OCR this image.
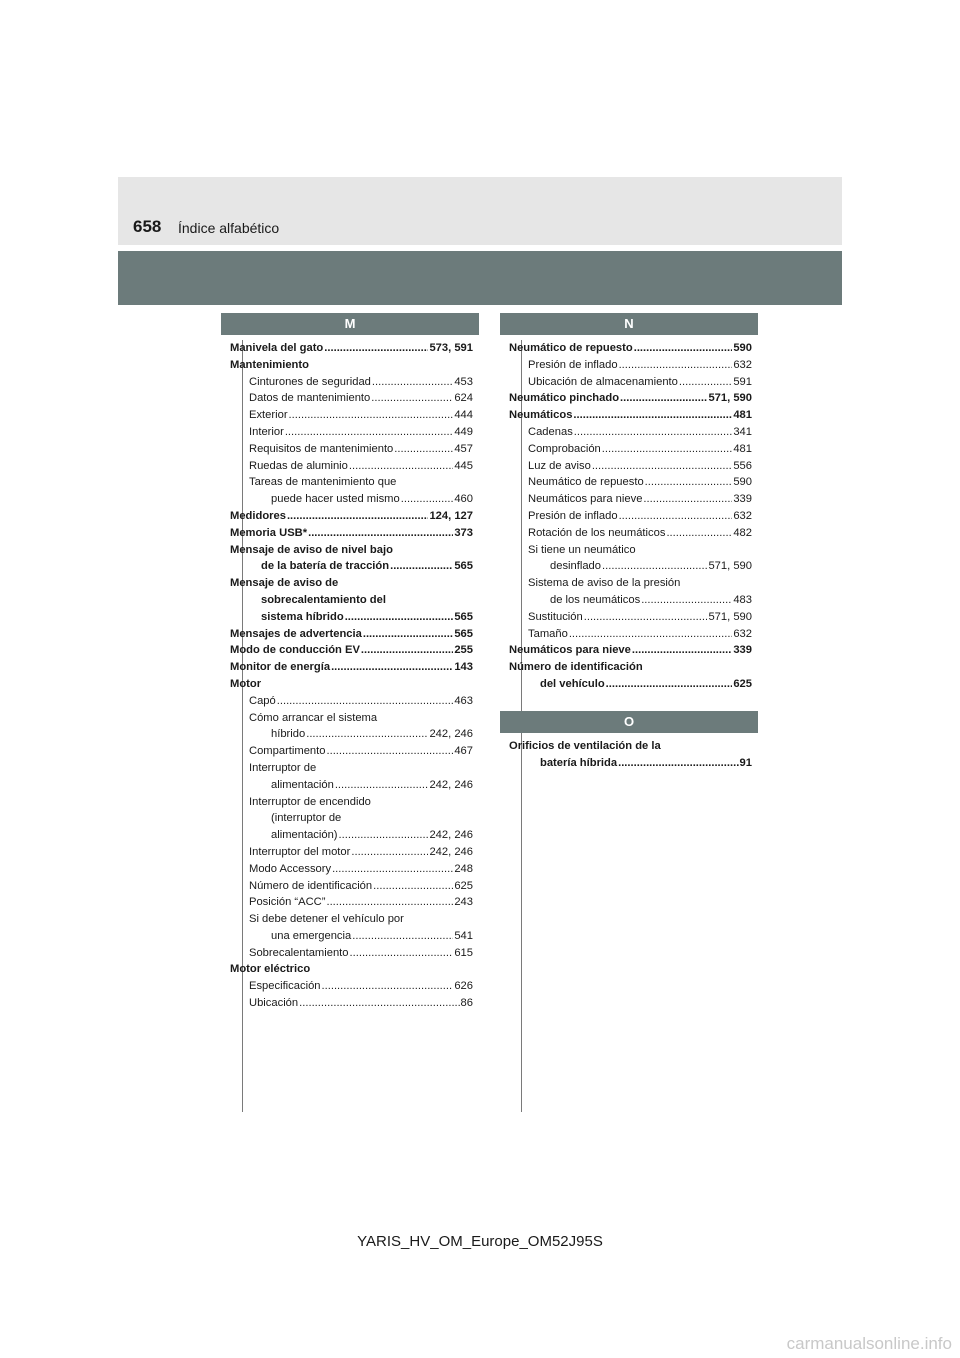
658 Índice alfabético
M
Manivela del gato .....	573, 591
Mantenimiento
Cinturones de seguridad .....	453
Datos de mantenimiento .....	624
Exterior .....	444
Interior .....	449
Requisitos de mantenimiento .....	457
Ruedas de aluminio .....	445
Tareas de mantenimiento que
puede hacer usted mismo .....	460
Medidores .....	124, 127
Memoria USB* .....	373
Mensaje de aviso de nivel bajo
de la batería de tracción .....	565
Mensaje de aviso de
sobrecalentamiento del
sistema híbrido .....	565
Mensajes de advertencia .....	565
Modo de conducción EV .....	255
Monitor de energía .....	143
Motor
Capó .....	463
Cómo arrancar el sistema
híbrido .....	242, 246
Compartimento .....	467
Interruptor de
alimentación .....	242, 246
Interruptor de encendido
(interruptor de
alimentación) .....	242, 246
Interruptor del motor .....	242, 246
Modo Accessory .....	248
Número de identificación .....	625
Posición “ACC” .....	243
Si debe detener el vehículo por
una emergencia .....	541
Sobrecalentamiento .....	615
Motor eléctrico
Especificación .....	626
Ubicación .....	86
N
Neumático de repuesto .....	590
Presión de inflado .....	632
Ubicación de almacenamiento .....	591
Neumático pinchado .....	571, 590
Neumáticos .....	481
Cadenas .....	341
Comprobación .....	481
Luz de aviso .....	556
Neumático de repuesto .....	590
Neumáticos para nieve .....	339
Presión de inflado .....	632
Rotación de los neumáticos .....	482
Si tiene un neumático
desinflado .....	571, 590
Sistema de aviso de la presión
de los neumáticos .....	483
Sustitución .....	571, 590
Tamaño .....	632
Neumáticos para nieve .....	339
Número de identificación
del vehículo .....	625
O
Orificios de ventilación de la
batería híbrida .....	91
YARIS_HV_OM_Europe_OM52J95S
carmanualsonline.info
